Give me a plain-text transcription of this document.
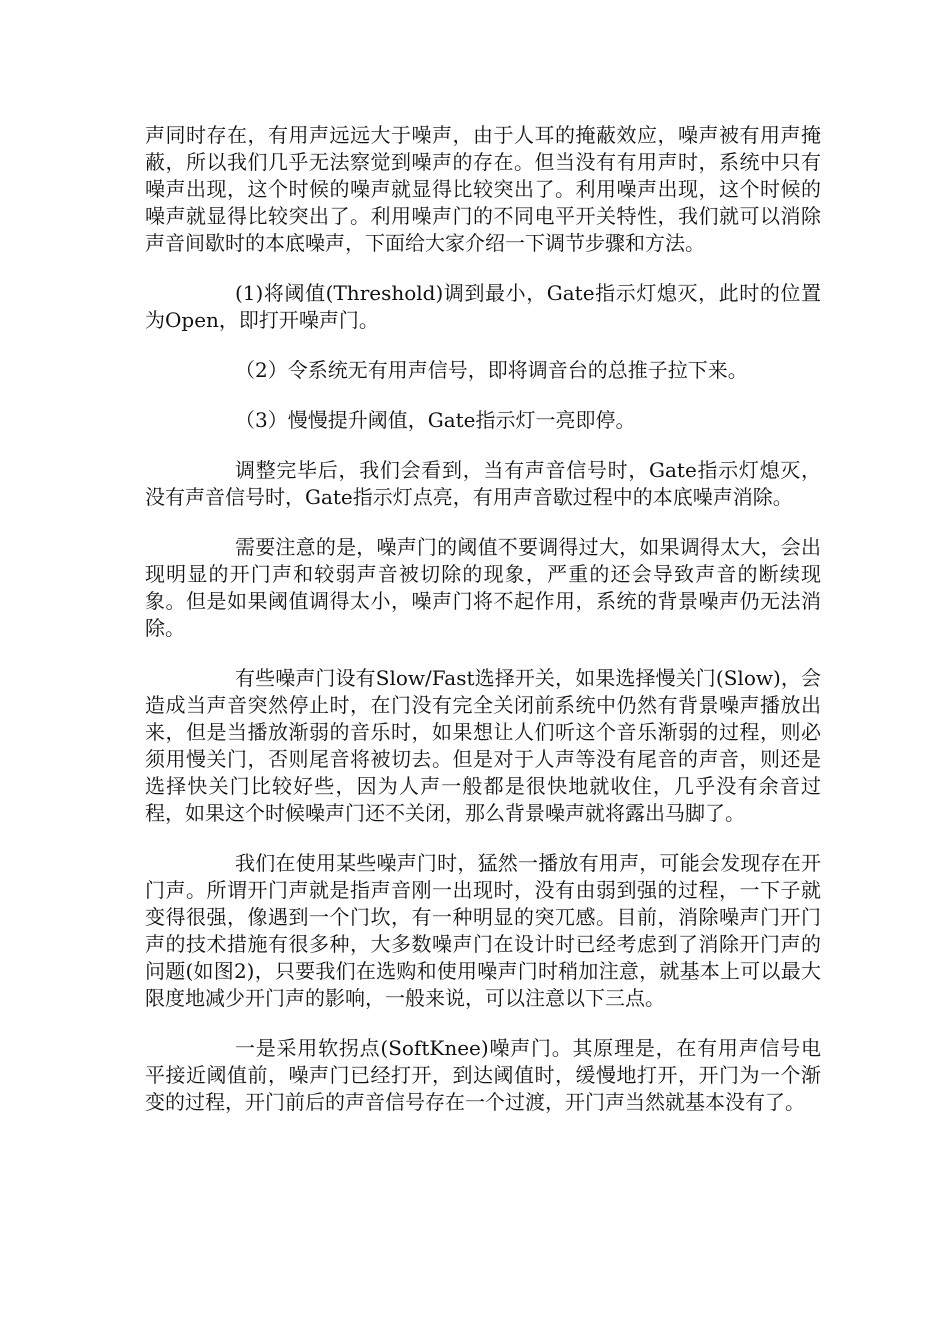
声同时存在，有用声远远大于噪声，由于人耳的掩蔽效应，噪声被有用声掩蔽，所以我们几乎无法察觉到噪声的存在。但当没有有用声时，系统中只有噪声出现，这个时候的噪声就显得比较突出了。利用噪声出现，这个时候的噪声就显得比较突出了。利用噪声门的不同电平开关特性，我们就可以消除声音间歇时的本底噪声，下面给大家介绍一下调节步骤和方法。

(1)将阈值(Threshold)调到最小，Gate指示灯熄灭，此时的位置为Open，即打开噪声门。

（2）令系统无有用声信号，即将调音台的总推子拉下来。

（3）慢慢提升阈值，Gate指示灯一亮即停。

调整完毕后，我们会看到，当有声音信号时，Gate指示灯熄灭，没有声音信号时，Gate指示灯点亮，有用声音歇过程中的本底噪声消除。

需要注意的是，噪声门的阈值不要调得过大，如果调得太大，会出现明显的开门声和较弱声音被切除的现象，严重的还会导致声音的断续现象。但是如果阈值调得太小，噪声门将不起作用，系统的背景噪声仍无法消除。

有些噪声门设有Slow/Fast选择开关，如果选择慢关门(Slow)，会造成当声音突然停止时，在门没有完全关闭前系统中仍然有背景噪声播放出来，但是当播放渐弱的音乐时，如果想让人们听这个音乐渐弱的过程，则必须用慢关门，否则尾音将被切去。但是对于人声等没有尾音的声音，则还是选择快关门比较好些，因为人声一般都是很快地就收住，几乎没有余音过程，如果这个时候噪声门还不关闭，那么背景噪声就将露出马脚了。

我们在使用某些噪声门时，猛然一播放有用声，可能会发现存在开门声。所谓开门声就是指声音刚一出现时，没有由弱到强的过程，一下子就变得很强，像遇到一个门坎，有一种明显的突兀感。目前，消除噪声门开门声的技术措施有很多种，大多数噪声门在设计时已经考虑到了消除开门声的问题(如图2)，只要我们在选购和使用噪声门时稍加注意，就基本上可以最大限度地减少开门声的影响，一般来说，可以注意以下三点。

一是采用软拐点(SoftKnee)噪声门。其原理是，在有用声信号电平接近阈值前，噪声门已经打开，到达阈值时，缓慢地打开，开门为一个渐变的过程，开门前后的声音信号存在一个过渡，开门声当然就基本没有了。
